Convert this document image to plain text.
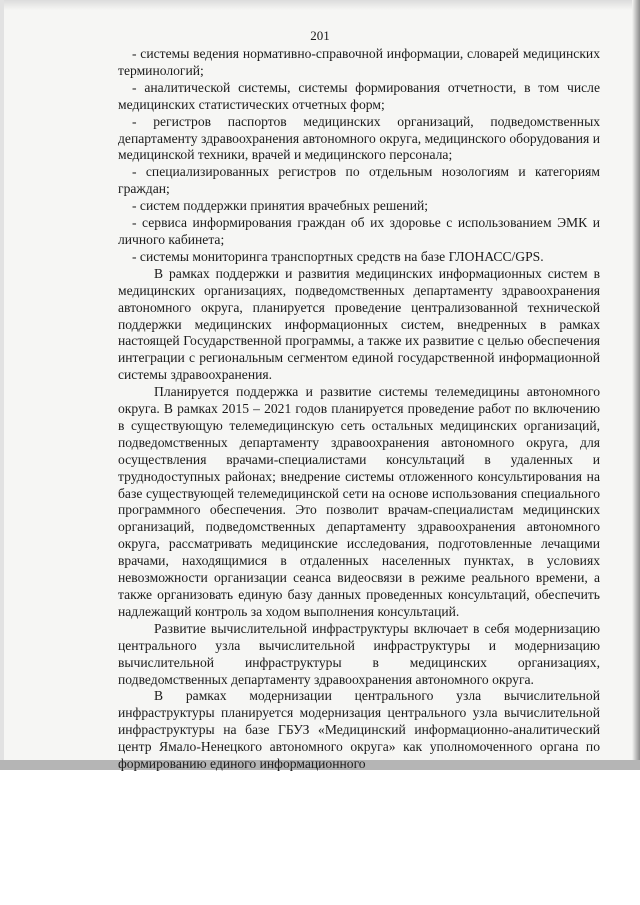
201

- системы ведения нормативно-справочной информации, словарей медицинских терминологий;

- аналитической системы, системы формирования отчетности, в том числе медицинских статистических отчетных форм;

- регистров паспортов медицинских организаций, подведомственных департаменту здравоохранения автономного округа, медицинского оборудования и медицинской техники, врачей и медицинского персонала;

- специализированных регистров по отдельным нозологиям и категориям граждан;

- систем поддержки принятия врачебных решений;

- сервиса информирования граждан об их здоровье с использованием ЭМК и личного кабинета;

- системы мониторинга транспортных средств на базе ГЛОНАСС/GPS.

В рамках поддержки и развития медицинских информационных систем в медицинских организациях, подведомственных департаменту здравоохранения автономного округа, планируется проведение централизованной технической поддержки медицинских информационных систем, внедренных в рамках настоящей Государственной программы, а также их развитие с целью обеспечения интеграции с региональным сегментом единой государственной информационной системы здравоохранения.

Планируется поддержка и развитие системы телемедицины автономного округа. В рамках 2015 – 2021 годов планируется проведение работ по включению в существующую телемедицинскую сеть остальных медицинских организаций, подведомственных департаменту здравоохранения автономного округа, для осуществления врачами-специалистами консультаций в удаленных и труднодоступных районах; внедрение системы отложенного консультирования на базе существующей телемедицинской сети на основе использования специального программного обеспечения. Это позволит врачам-специалистам медицинских организаций, подведомственных департаменту здравоохранения автономного округа, рассматривать медицинские исследования, подготовленные лечащими врачами, находящимися в отдаленных населенных пунктах, в условиях невозможности организации сеанса видеосвязи в режиме реального времени, а также организовать единую базу данных проведенных консультаций, обеспечить надлежащий контроль за ходом выполнения консультаций.

Развитие вычислительной инфраструктуры включает в себя модернизацию центрального узла вычислительной инфраструктуры и модернизацию вычислительной инфраструктуры в медицинских организациях, подведомственных департаменту здравоохранения автономного округа.

В рамках модернизации центрального узла вычислительной инфраструктуры планируется модернизация центрального узла вычислительной инфраструктуры на базе ГБУЗ «Медицинский информационно-аналитический центр Ямало-Ненецкого автономного округа» как уполномоченного органа по формированию единого информационного
